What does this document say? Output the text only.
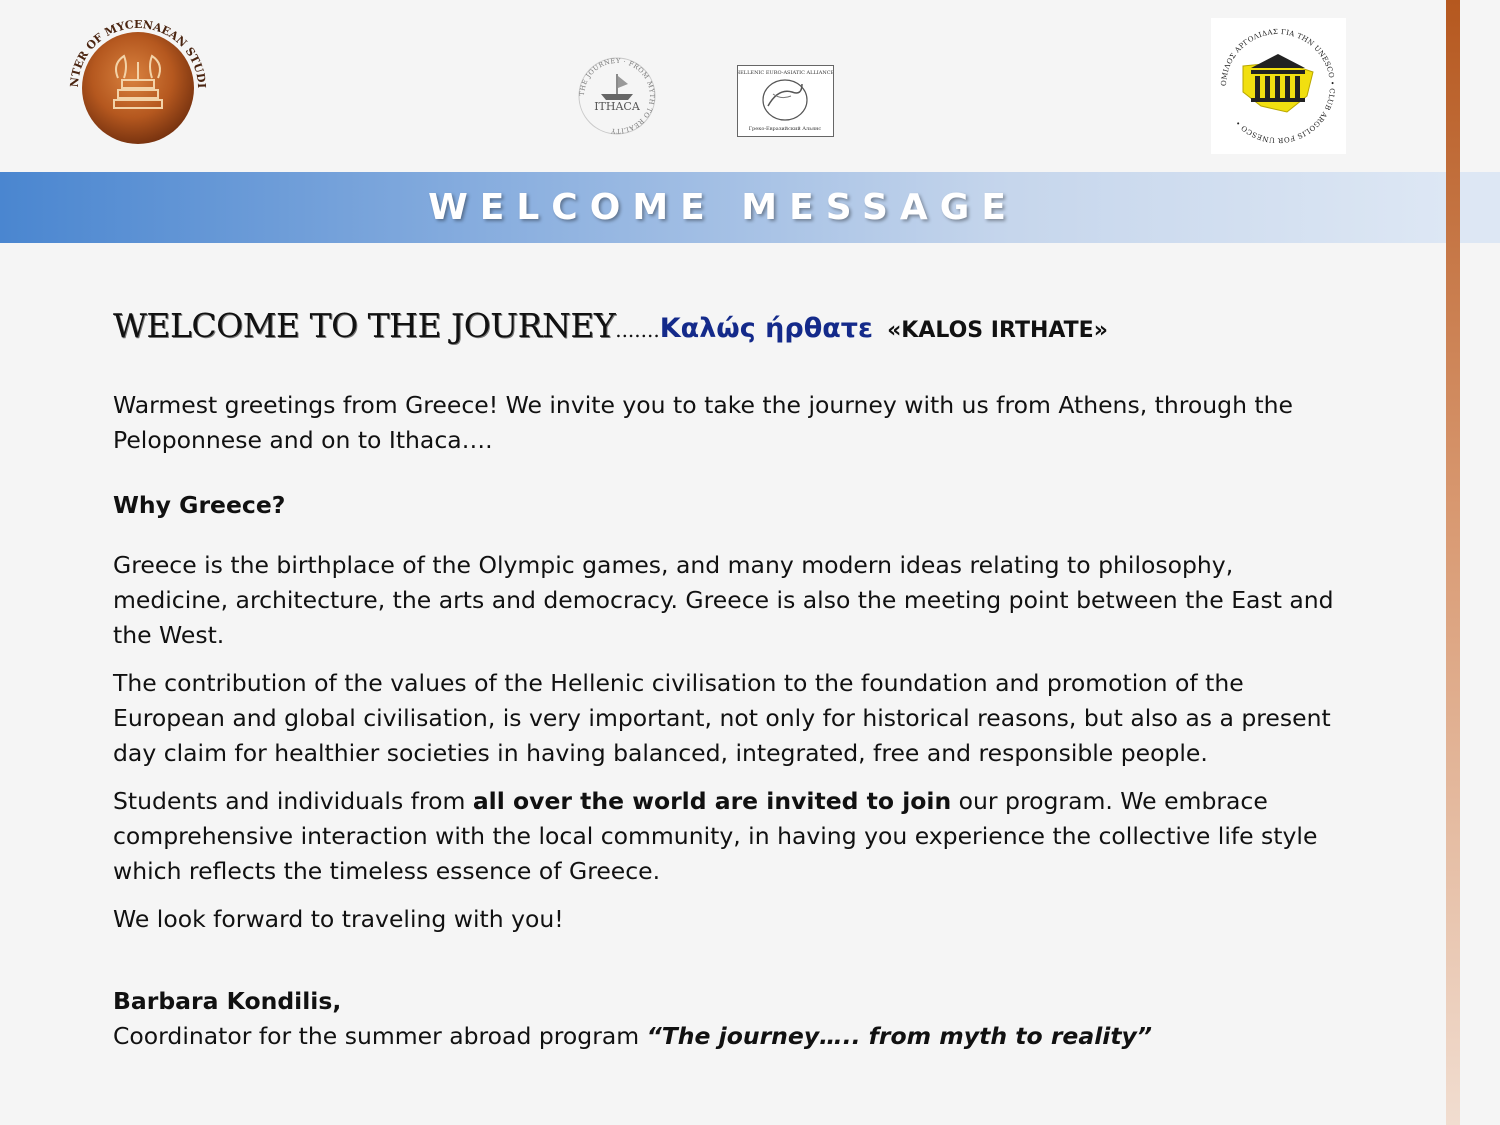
NTER OF MYCENAEAN STUDI
THE JOURNEY · FROM MYTH TO REALITY
ITHACA
HELLENIC EURO-ASIATIC ALLIANCE
Греко-Евразийский Альянс
ΟΜΙΛΟΣ ΑΡΓΟΛΙΔΑΣ ΓΙΑ ΤΗΝ UNESCO • CLUB ARGOLIS FOR UNESCO •
WELCOME MESSAGE
WELCOME TO THE JOURNEY.......Καλώς ήρθατε «KALOS IRTHATE»

Warmest greetings from Greece! We invite you to take the journey with us from Athens, through the Peloponnese and on to Ithaca….

Why Greece?

Greece is the birthplace of the Olympic games, and many modern ideas relating to philosophy, medicine, architecture, the arts and democracy. Greece is also the meeting point between the East and the West.

The contribution of the values of the Hellenic civilisation to the foundation and promotion of the European and global civilisation, is very important, not only for historical reasons, but also as a present day claim for healthier societies in having balanced, integrated, free and responsible people.

Students and individuals from all over the world are invited to join our program. We embrace comprehensive interaction with the local community, in having you experience the collective life style which reflects the timeless essence of Greece.

We look forward to traveling with you!

Barbara Kondilis,

Coordinator for the summer abroad program “The journey….. from myth to reality”
